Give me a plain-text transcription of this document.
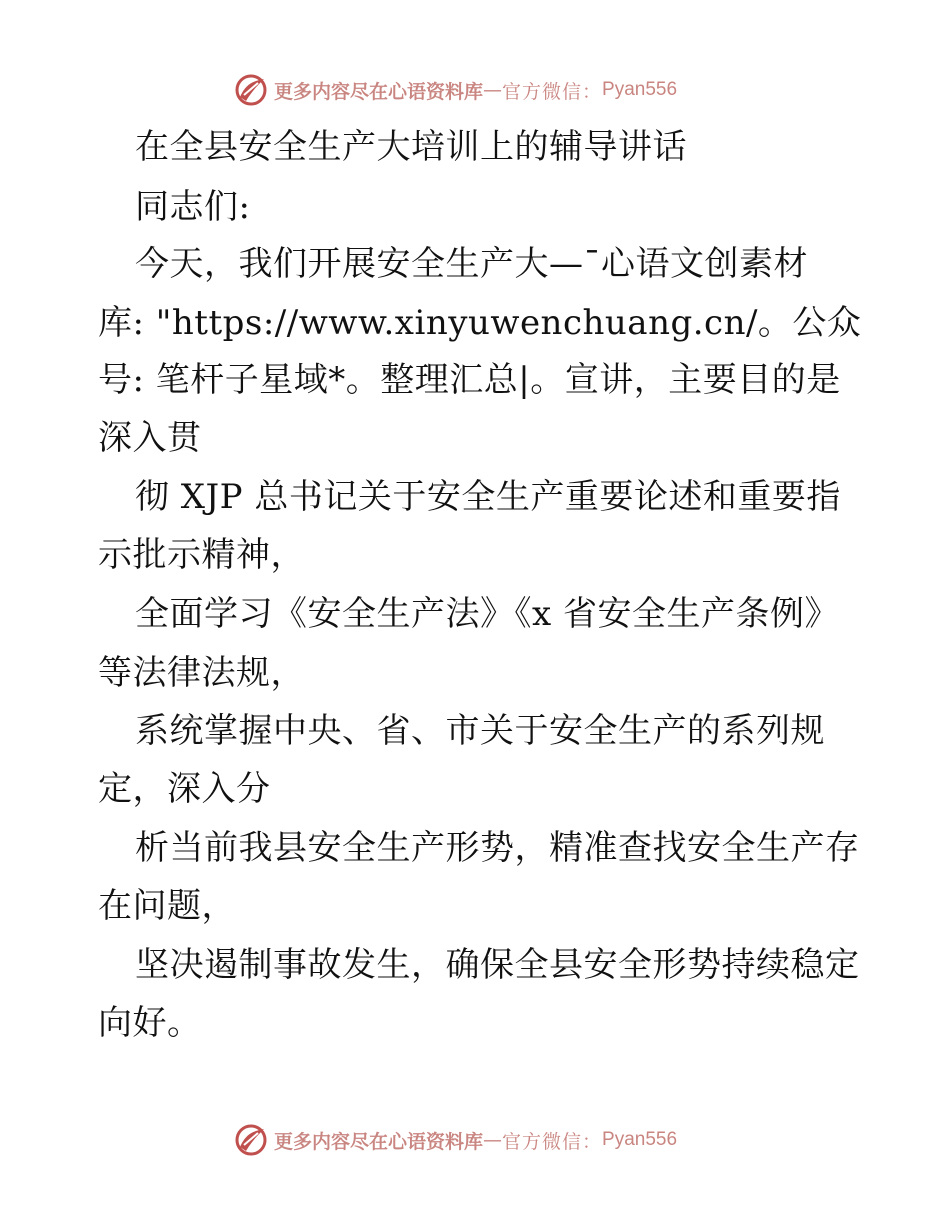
更多内容尽在心语资料库 — 官方微信： Pyan556
在全县安全生产大培训上的辅导讲话
同志们:
今天，我们开展安全生产大—¯心语文创素材
库: "https://www.xinyuwenchuang.cn/。公众
号: 笔杆子星域*。整理汇总|。宣讲，主要目的是
深入贯
彻 XJP 总书记关于安全生产重要论述和重要指
示批示精神，
全面学习《安全生产法》《x 省安全生产条例》
等法律法规，
系统掌握中央、省、市关于安全生产的系列规
定，深入分
析当前我县安全生产形势，精准查找安全生产存
在问题，
坚决遏制事故发生，确保全县安全形势持续稳定
向好。
更多内容尽在心语资料库 — 官方微信： Pyan556
